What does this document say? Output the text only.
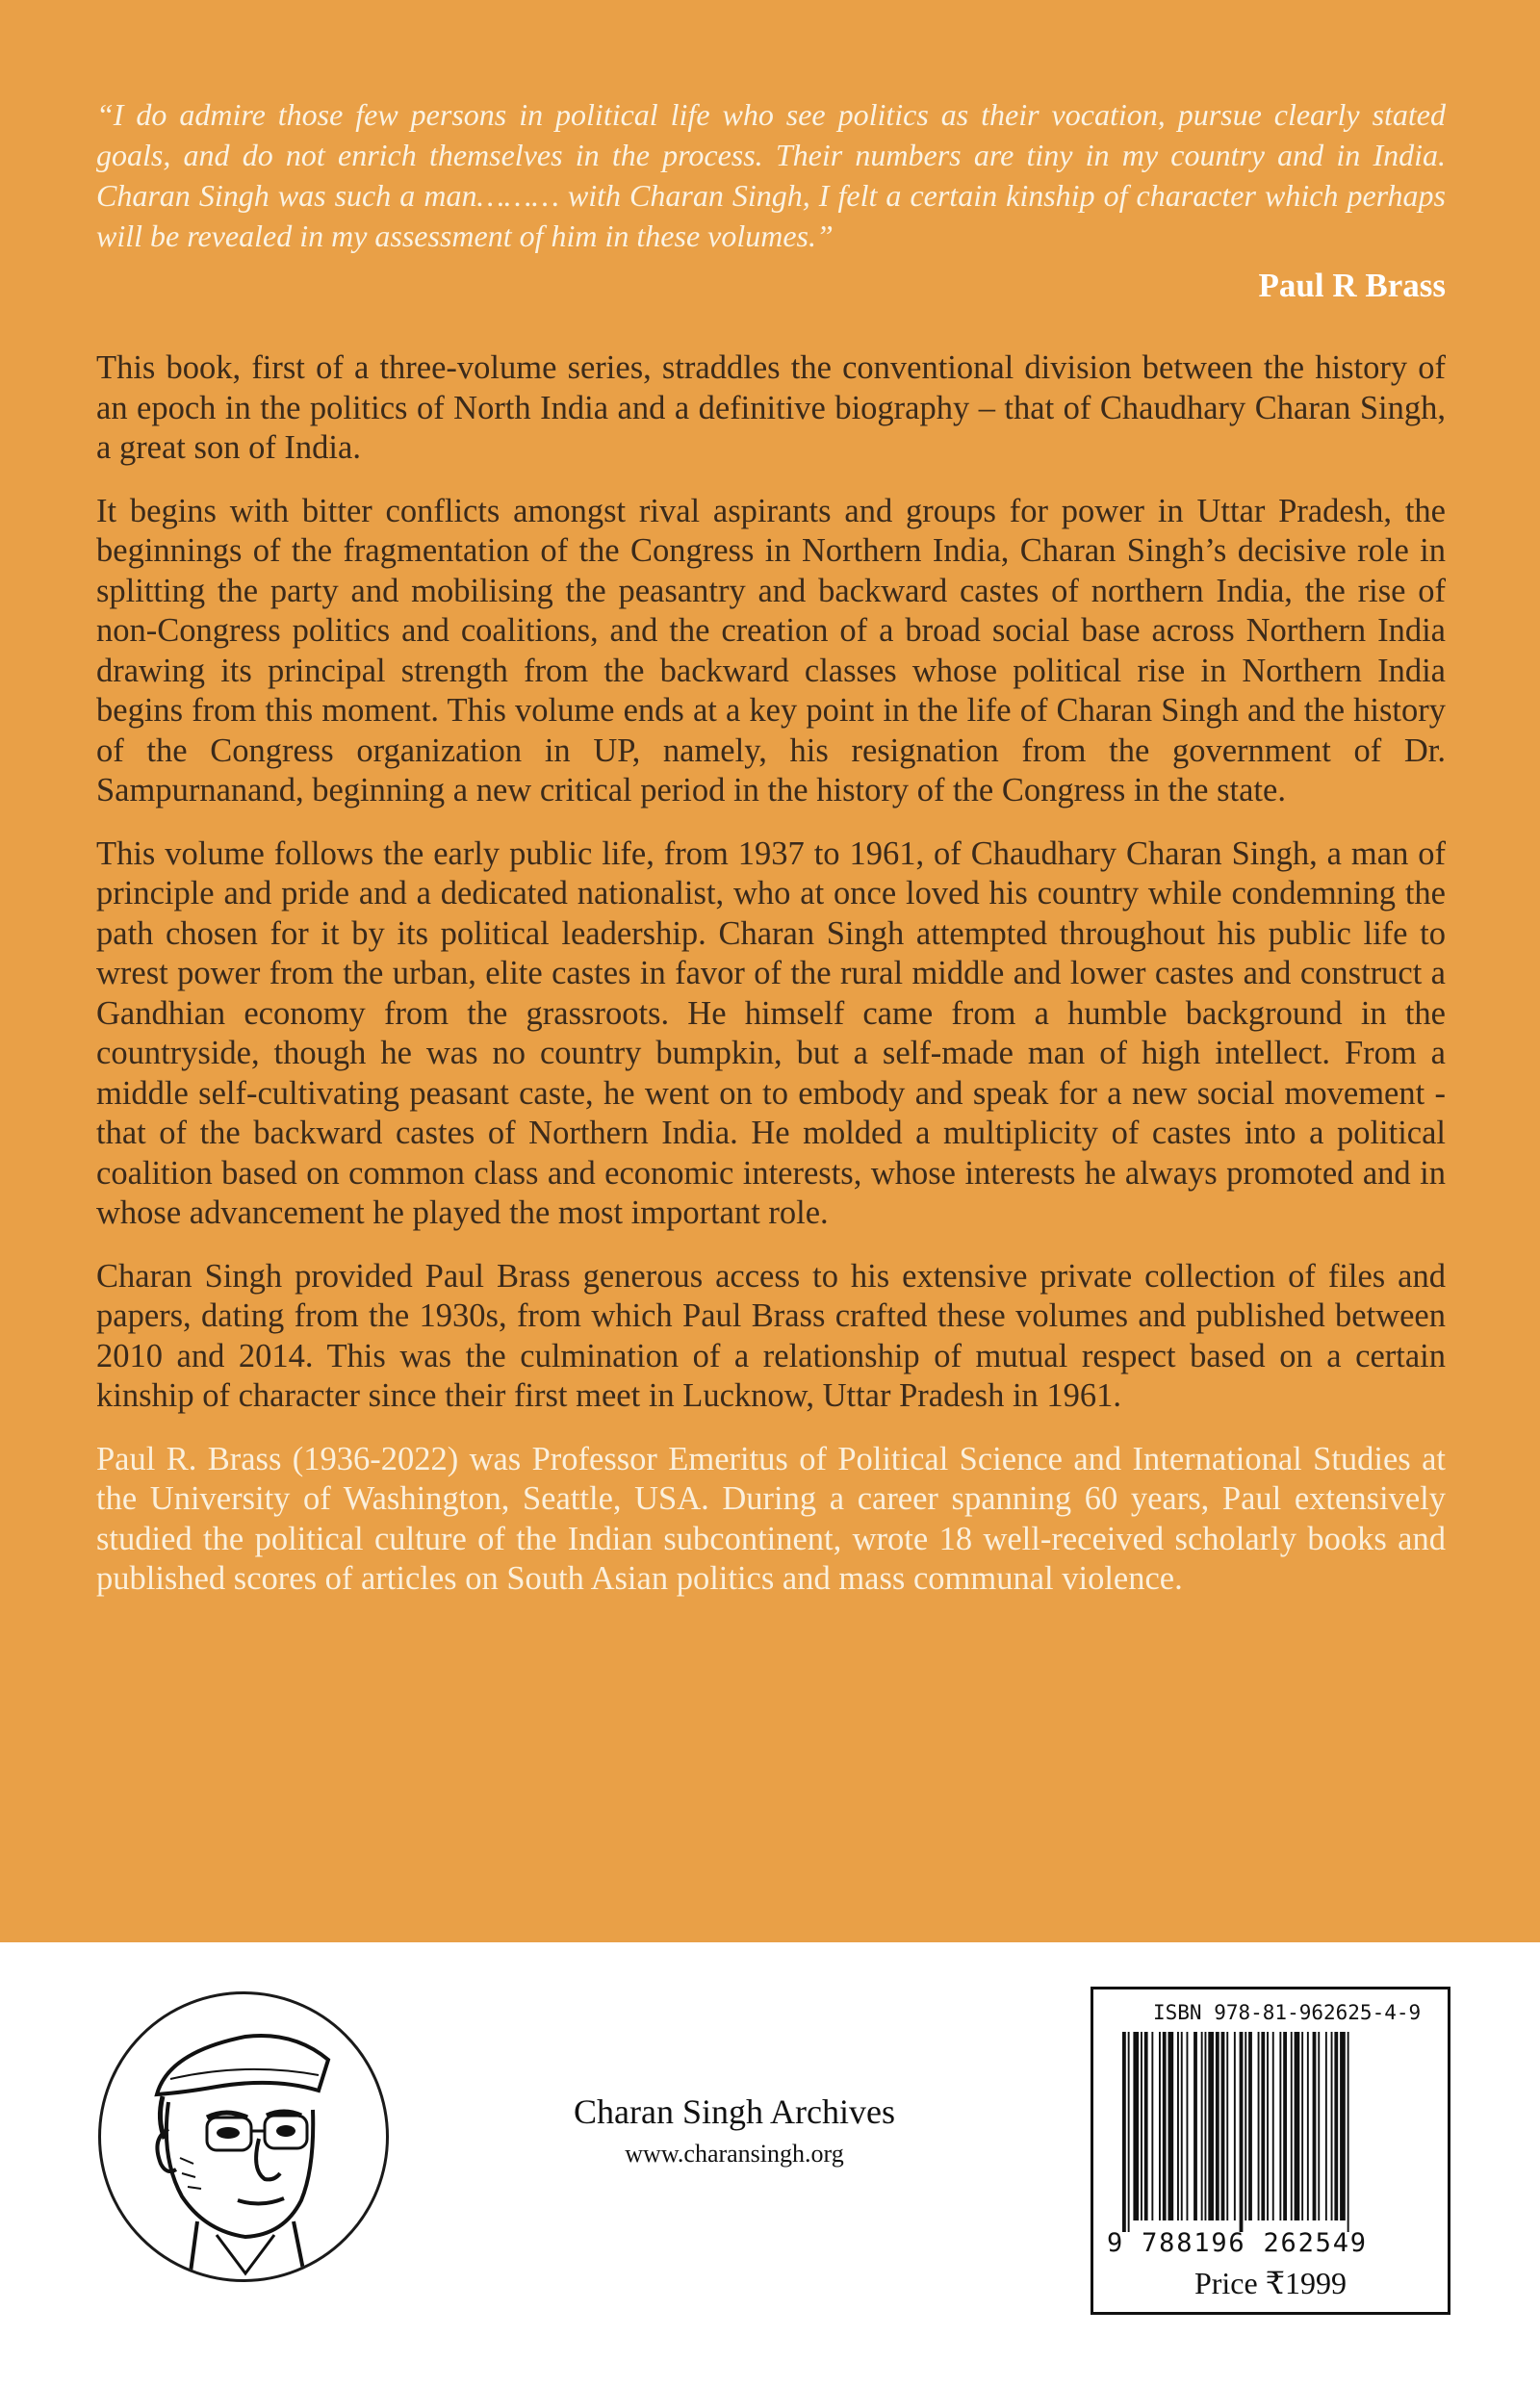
“I do admire those few persons in political life who see politics as their vocation, pursue clearly stated goals, and do not enrich themselves in the process. Their numbers are tiny in my country and in India. Charan Singh was such a man……… with Charan Singh, I felt a certain kinship of character which perhaps will be revealed in my assessment of him in these volumes.”

Paul R Brass

This book, first of a three-volume series, straddles the conventional division between the history of an epoch in the politics of North India and a definitive biography – that of Chaudhary Charan Singh, a great son of India.

It begins with bitter conflicts amongst rival aspirants and groups for power in Uttar Pradesh, the beginnings of the fragmentation of the Congress in Northern India, Charan Singh’s decisive role in splitting the party and mobilising the peasantry and backward castes of northern India, the rise of non-Congress politics and coalitions, and the creation of a broad social base across Northern India drawing its principal strength from the backward classes whose political rise in Northern India begins from this moment. This volume ends at a key point in the life of Charan Singh and the history of the Congress organization in UP, namely, his resignation from the government of Dr. Sampurnanand, beginning a new critical period in the history of the Congress in the state.

This volume follows the early public life, from 1937 to 1961, of Chaudhary Charan Singh, a man of principle and pride and a dedicated nationalist, who at once loved his country while condemning the path chosen for it by its political leadership. Charan Singh attempted throughout his public life to wrest power from the urban, elite castes in favor of the rural middle and lower castes and construct a Gandhian economy from the grassroots. He himself came from a humble background in the countryside, though he was no country bumpkin, but a self-made man of high intellect. From a middle self-cultivating peasant caste, he went on to embody and speak for a new social movement - that of the backward castes of Northern India. He molded a multiplicity of castes into a political coalition based on common class and economic interests, whose interests he always promoted and in whose advancement he played the most important role.

Charan Singh provided Paul Brass generous access to his extensive private collection of files and papers, dating from the 1930s, from which Paul Brass crafted these volumes and published between 2010 and 2014. This was the culmination of a relationship of mutual respect based on a certain kinship of character since their first meet in Lucknow, Uttar Pradesh in 1961.

Paul R. Brass (1936-2022) was Professor Emeritus of Political Science and International Studies at the University of Washington, Seattle, USA. During a career spanning 60 years, Paul extensively studied the political culture of the Indian subcontinent, wrote 18 well-received scholarly books and published scores of articles on South Asian politics and mass communal violence.

Charan Singh Archives

www.charansingh.org

ISBN 978-81-962625-4-9

9 788196 262549

Price ₹1999
